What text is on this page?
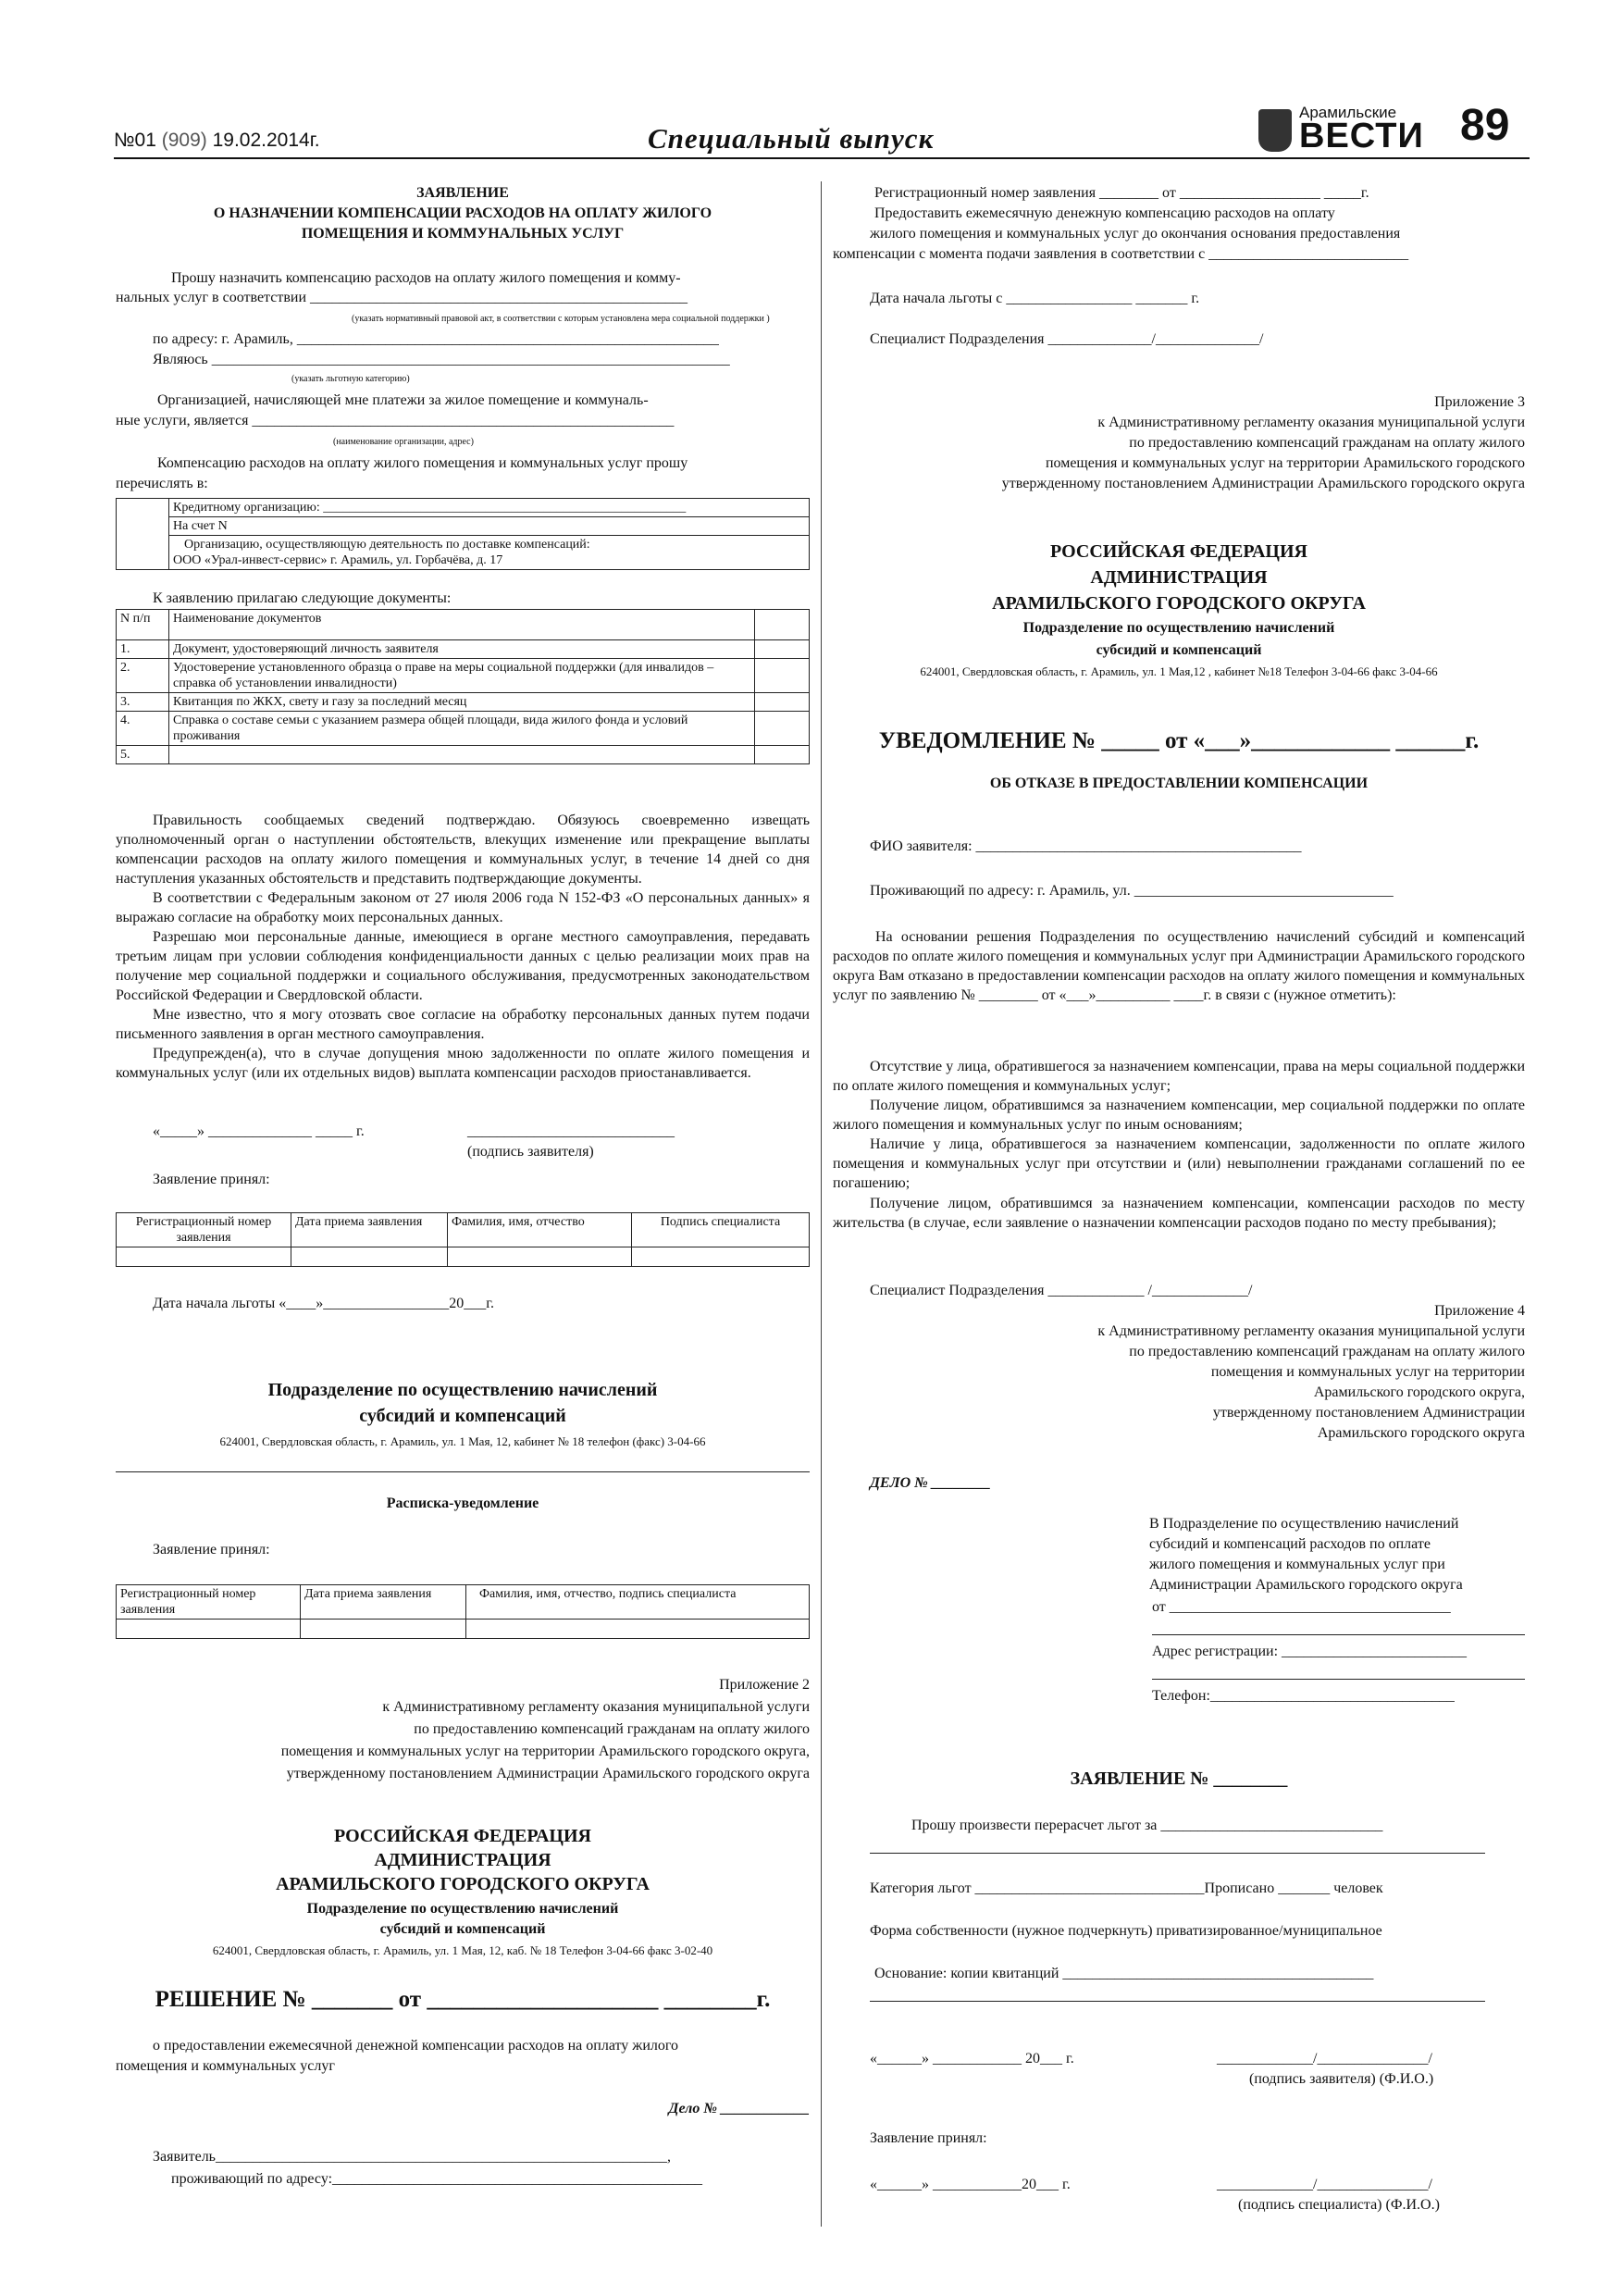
№01 (909) 19.02.2014г.	Специальный выпуск
Арамильские
ВЕСТИ 89
ЗАЯВЛЕНИЕ
О НАЗНАЧЕНИИ КОМПЕНСАЦИИ РАСХОДОВ НА ОПЛАТУ ЖИЛОГО
ПОМЕЩЕНИЯ И КОММУНАЛЬНЫХ УСЛУГ
Прошу назначить компенсацию расходов на оплату жилого помещения и комму-
нальных услуг в соответствии ___________________________________________________
(указать нормативный правовой акт, в соответствии с которым установлена мера социальной поддержки )
по адресу: г. Арамиль, _________________________________________________________
Являюсь ______________________________________________________________________
(указать льготную категорию)
Организацией, начисляющей мне платежи за жилое помещение и коммуналь-
ные услуги, является _________________________________________________________
(наименование организации, адрес)
Компенсацию расходов на оплату жилого помещения и коммунальных услуг прошу
перечислять в:
	Кредитному организацию: ________________________________________________________
На счет N

Организацию, осуществляющую деятельность по доставке компенсаций:
ООО «Урал-инвест-сервис» г. Арамиль, ул. Горбачёва, д. 17
К заявлению прилагаю следующие документы:
N п/п	Наименование документов	
1.	Документ, удостоверяющий личность заявителя	
2.	Удостоверение установленного образца о праве на меры социальной поддержки (для инвалидов – справка об установлении инвалидности)	
3.	Квитанция по ЖКХ, свету и газу за последний месяц	
4.	Справка о составе семьи с указанием размера общей площади, вида жилого фонда и условий проживания	
5.		
Правильность сообщаемых сведений подтверждаю. Обязуюсь своевременно извещать уполномоченный орган о наступлении обстоятельств, влекущих изменение или прекращение выплаты компенсации расходов на оплату жилого помещения и коммунальных услуг, в течение 14 дней со дня наступления указанных обстоятельств и представить подтверждающие документы.
В соответствии с Федеральным законом от 27 июля 2006 года N 152-ФЗ «О персональных данных» я выражаю согласие на обработку моих персональных данных.
Разрешаю мои персональные данные, имеющиеся в органе местного самоуправления, передавать третьим лицам при условии соблюдения конфиденциальности данных с целью реализации моих прав на получение мер социальной поддержки и социального обслуживания, предусмотренных законодательством Российской Федерации и Свердловской области.
Мне известно, что я могу отозвать свое согласие на обработку персональных данных путем подачи письменного заявления в орган местного самоуправления.
Предупрежден(а), что в случае допущения мною задолженности по оплате жилого помещения и коммунальных услуг (или их отдельных видов) выплата компенсации расходов приостанавливается.
«_____» ______________ _____ г.	____________________________
(подпись заявителя)
Заявление принял:
Регистрационный номер заявления	Дата приема заявления	Фамилия, имя, отчество	Подпись специалиста

Дата начала льготы «____»_________________20___г.
Подразделение по осуществлению начислений
субсидий и компенсаций
624001, Свердловская область, г. Арамиль, ул. 1 Мая, 12, кабинет № 18 телефон (факс) 3-04-66
Расписка-уведомление
Заявление принял:
Регистрационный номер заявления	Дата приема заявления	Фамилия, имя, отчество, подпись специалиста

Приложение 2
к Административному регламенту оказания муниципальной услуги
по предоставлению компенсаций гражданам на оплату жилого
помещения и коммунальных услуг на территории Арамильского городского округа,
утвержденному постановлением Администрации Арамильского городского округа
РОССИЙСКАЯ ФЕДЕРАЦИЯ
АДМИНИСТРАЦИЯ
АРАМИЛЬСКОГО ГОРОДСКОГО ОКРУГА
Подразделение по осуществлению начислений
субсидий и компенсаций
624001, Свердловская область, г. Арамиль, ул. 1 Мая, 12, каб. № 18 Телефон 3-04-66 факс 3-02-40
РЕШЕНИЕ № _______ от ____________________ ________г.
о предоставлении ежемесячной денежной компенсации расходов на оплату жилого
помещения и коммунальных услуг
Дело № ____________
Заявитель_____________________________________________________________,
проживающий по адресу:__________________________________________________
Регистрационный номер заявления ________ от ___________________ _____г.
Предоставить ежемесячную денежную компенсацию расходов на оплату
жилого помещения и коммунальных услуг до окончания основания предоставления
компенсации с момента подачи заявления в соответствии с ___________________________
Дата начала льготы с _________________ _______ г.
Специалист Подразделения ______________/______________/
Приложение 3
к Административному регламенту оказания муниципальной услуги
по предоставлению компенсаций гражданам на оплату жилого
помещения и коммунальных услуг на территории Арамильского городского
утвержденному постановлением Администрации Арамильского городского округа
РОССИЙСКАЯ ФЕДЕРАЦИЯ
АДМИНИСТРАЦИЯ
АРАМИЛЬСКОГО ГОРОДСКОГО ОКРУГА
Подразделение по осуществлению начислений
субсидий и компенсаций
624001, Свердловская область, г. Арамиль, ул. 1 Мая,12 , кабинет №18 Телефон 3-04-66 факс 3-04-66
УВЕДОМЛЕНИЕ № _____ от «___»____________ ______г.
ОБ ОТКАЗЕ В ПРЕДОСТАВЛЕНИИ КОМПЕНСАЦИИ
ФИО заявителя: ____________________________________________
Проживающий по адресу: г. Арамиль, ул. ___________________________________
На основании решения Подразделения по осуществлению начислений субсидий и компенсаций расходов по оплате жилого помещения и коммунальных услуг при Администрации Арамильского городского округа Вам отказано в предоставлении компенсации расходов на оплату жилого помещения и коммунальных услуг по заявлению № ________ от «___»__________ ____г. в связи с (нужное отметить):
Отсутствие у лица, обратившегося за назначением компенсации, права на меры социальной поддержки по оплате жилого помещения и коммунальных услуг;
Получение лицом, обратившимся за назначением компенсации, мер социальной поддержки по оплате жилого помещения и коммунальных услуг по иным основаниям;
Наличие у лица, обратившегося за назначением компенсации, задолженности по оплате жилого помещения и коммунальных услуг при отсутствии и (или) невыполнении гражданами соглашений по ее погашению;
Получение лицом, обратившимся за назначением компенсации, компенсации расходов по месту жительства (в случае, если заявление о назначении компенсации расходов подано по месту пребывания);
Специалист Подразделения _____________ /_____________/
Приложение 4
к Административному регламенту оказания муниципальной услуги
по предоставлению компенсаций гражданам на оплату жилого
помещения и коммунальных услуг на территории
Арамильского городского округа,
утвержденному постановлением Администрации
Арамильского городского округа
ДЕЛО № ________
В Подразделение по осуществлению начислений
субсидий и компенсаций расходов по оплате
жилого помещения и коммунальных услуг при
Администрации Арамильского городского округа
от ______________________________________
Адрес регистрации: _________________________
Телефон:_________________________________
ЗАЯВЛЕНИЕ № ________
Прошу произвести перерасчет льгот за ______________________________
Категория льгот _______________________________Прописано _______ человек
Форма собственности (нужное подчеркнуть) приватизированное/муниципальное
Основание: копии квитанций __________________________________________
«______» ____________ 20___ г.	_____________/_______________/
(подпись заявителя) (Ф.И.О.)
Заявление принял:
«______» ____________20___ г.	_____________/_______________/
(подпись специалиста) (Ф.И.О.)
